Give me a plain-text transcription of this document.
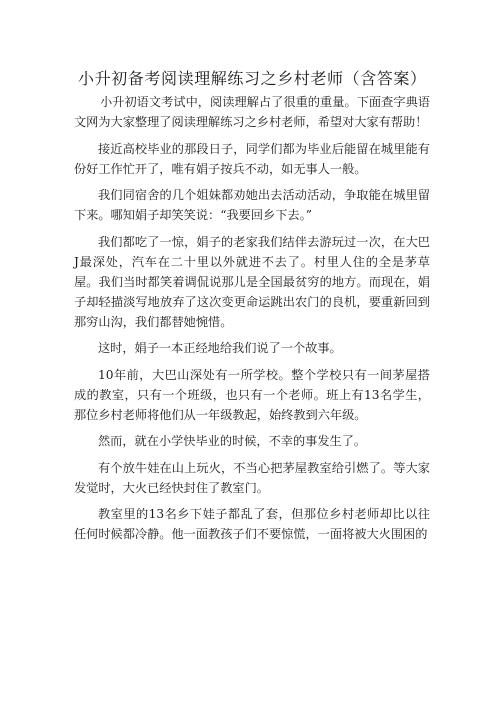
小升初备考阅读理解练习之乡村老师（含答案）

小升初语文考试中，阅读理解占了很重的重量。下面查字典语文网为大家整理了阅读理解练习之乡村老师，希望对大家有帮助！

接近高校毕业的那段日子，同学们都为毕业后能留在城里能有份好工作忙开了，唯有娟子按兵不动，如无事人一般。

我们同宿舍的几个姐妹都劝她出去活动活动，争取能在城里留下来。哪知娟子却笑笑说：“我要回乡下去。”

我们都吃了一惊，娟子的老家我们结伴去游玩过一次，在大巴J最深处，汽车在二十里以外就进不去了。村里人住的全是茅草屋。我们当时都笑着调侃说那儿是全国最贫穷的地方。而现在，娟子却轻描淡写地放弃了这次变更命运跳出农门的良机，要重新回到那穷山沟，我们都替她惋惜。

这时，娟子一本正经地给我们说了一个故事。

10年前，大巴山深处有一所学校。整个学校只有一间茅屋搭成的教室，只有一个班级，也只有一个老师。班上有13名学生，那位乡村老师将他们从一年级教起，始终教到六年级。

然而，就在小学快毕业的时候，不幸的事发生了。

有个放牛娃在山上玩火，不当心把茅屋教室给引燃了。等大家发觉时，大火已经快封住了教室门。

教室里的13名乡下娃子都乱了套，但那位乡村老师却比以往任何时候都冷静。他一面教孩子们不要惊慌，一面将被大火围困的
